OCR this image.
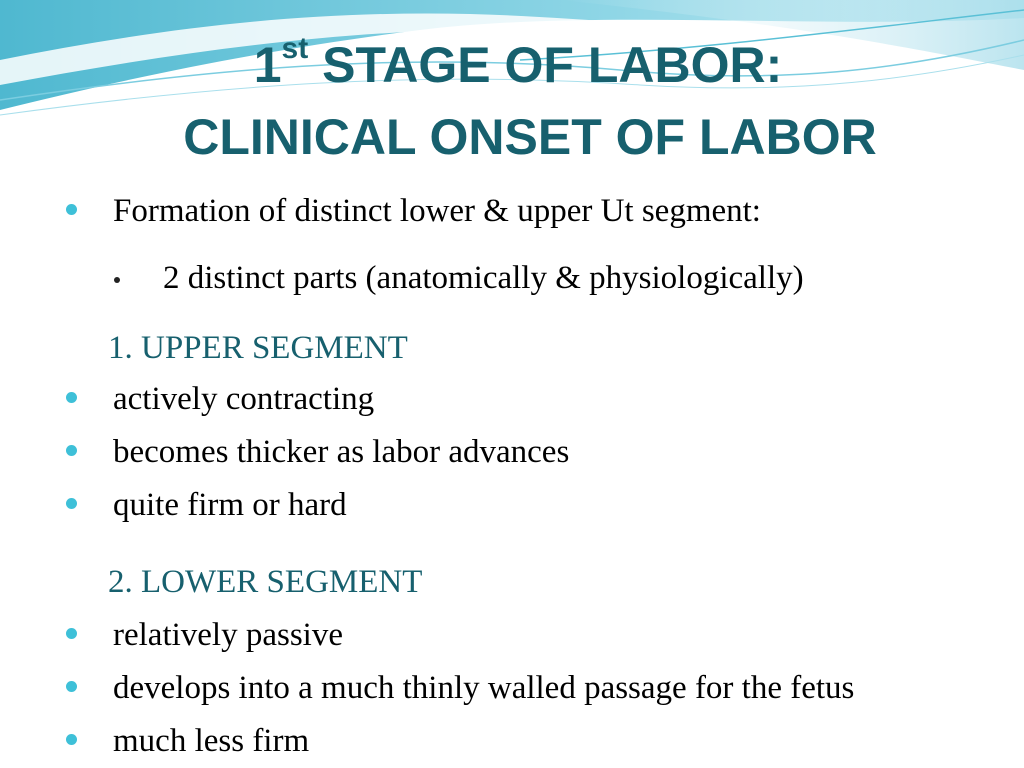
1st STAGE OF LABOR:
CLINICAL ONSET OF LABOR
Formation of distinct lower & upper Ut segment:
2 distinct parts (anatomically & physiologically)
1. UPPER SEGMENT
actively contracting
becomes thicker as labor advances
quite firm or hard
2. LOWER SEGMENT
relatively passive
develops into a much thinly walled passage for the fetus
much less firm
